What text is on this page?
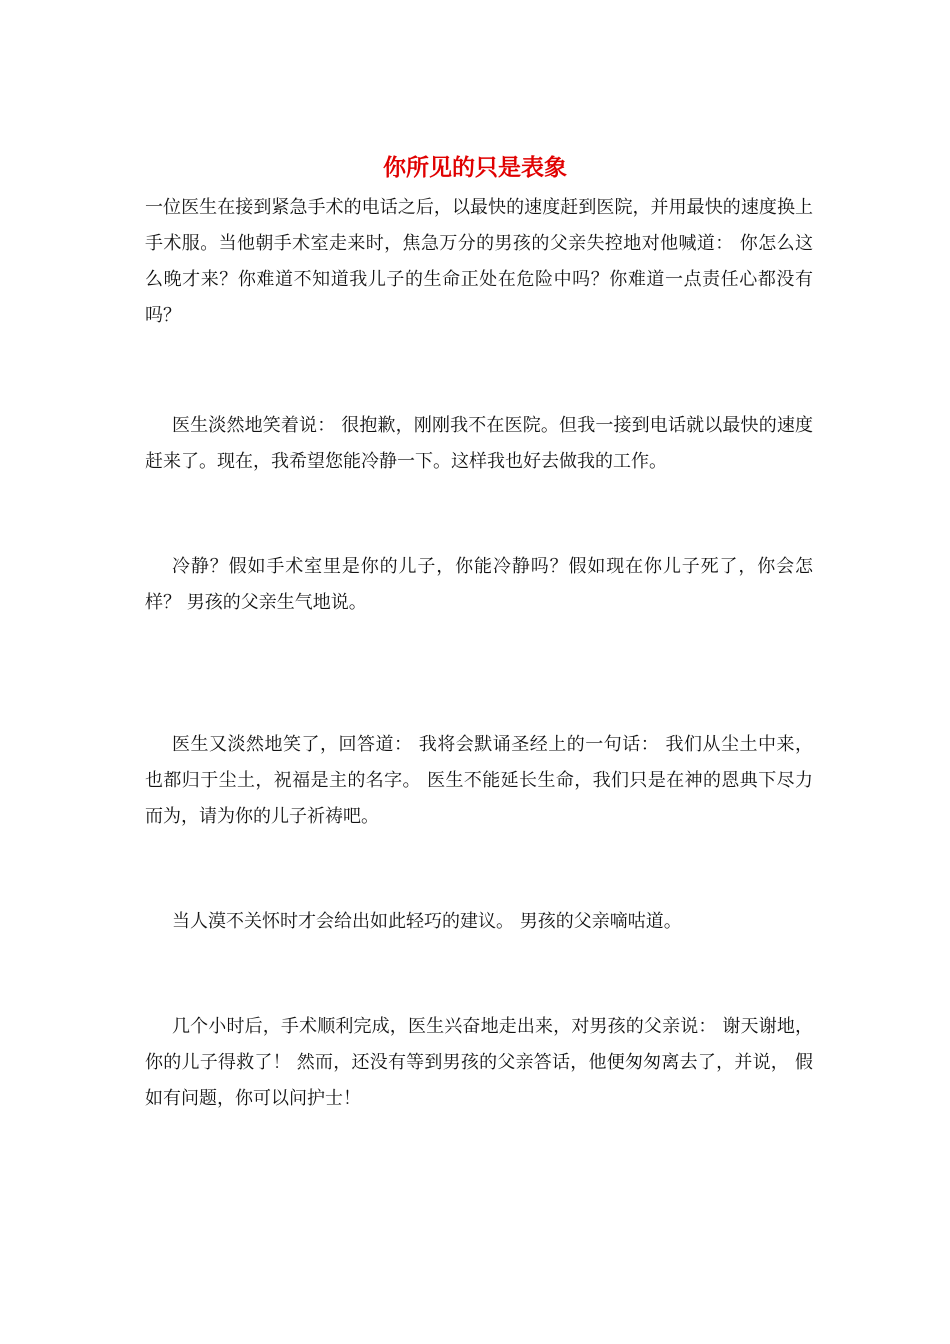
你所见的只是表象

一位医生在接到紧急手术的电话之后，以最快的速度赶到医院，并用最快的速度换上手术服。当他朝手术室走来时，焦急万分的男孩的父亲失控地对他喊道： 你怎么这么晚才来？你难道不知道我儿子的生命正处在危险中吗？你难道一点责任心都没有吗？

医生淡然地笑着说： 很抱歉，刚刚我不在医院。但我一接到电话就以最快的速度赶来了。现在，我希望您能冷静一下。这样我也好去做我的工作。

冷静？假如手术室里是你的儿子，你能冷静吗？假如现在你儿子死了，你会怎样？ 男孩的父亲生气地说。

医生又淡然地笑了，回答道： 我将会默诵圣经上的一句话： 我们从尘土中来，也都归于尘土，祝福是主的名字。 医生不能延长生命，我们只是在神的恩典下尽力而为，请为你的儿子祈祷吧。

当人漠不关怀时才会给出如此轻巧的建议。 男孩的父亲嘀咕道。

几个小时后，手术顺利完成，医生兴奋地走出来，对男孩的父亲说： 谢天谢地，你的儿子得救了！ 然而，还没有等到男孩的父亲答话，他便匆匆离去了，并说， 假如有问题，你可以问护士！
